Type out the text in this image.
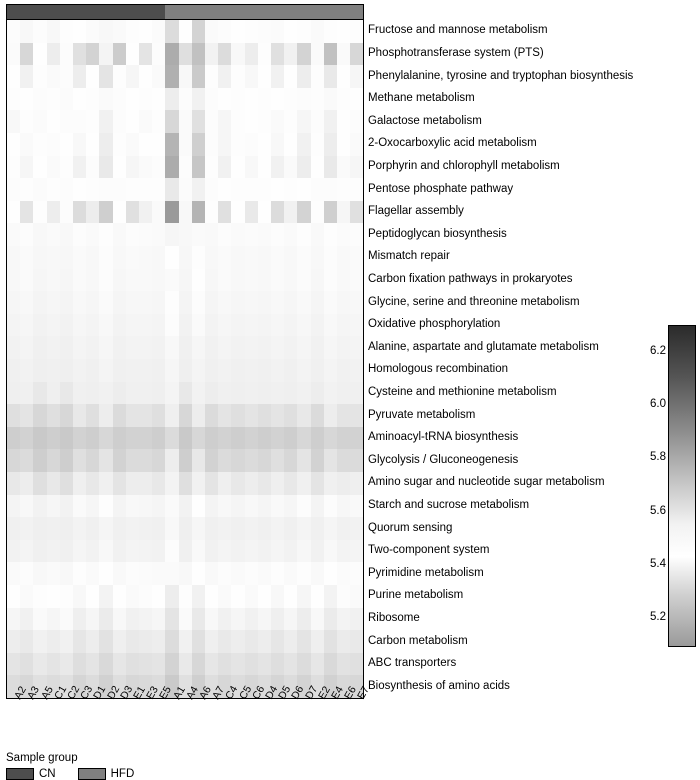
Fructose and mannose metabolism
Phosphotransferase system (PTS)
Phenylalanine, tyrosine and tryptophan biosynthesis
Methane metabolism
Galactose metabolism
2-Oxocarboxylic acid metabolism
Porphyrin and chlorophyll metabolism
Pentose phosphate pathway
Flagellar assembly
Peptidoglycan biosynthesis
Mismatch repair
Carbon fixation pathways in prokaryotes
Glycine, serine and threonine metabolism
Oxidative phosphorylation
Alanine, aspartate and glutamate metabolism
Homologous recombination
Cysteine and methionine metabolism
Pyruvate metabolism
Aminoacyl-tRNA biosynthesis
Glycolysis / Gluconeogenesis
Amino sugar and nucleotide sugar metabolism
Starch and sucrose metabolism
Quorum sensing
Two-component system
Pyrimidine metabolism
Purine metabolism
Ribosome
Carbon metabolism
ABC transporters
Biosynthesis of amino acids
A2
A3
A5
C1
C2
C3
D1
D2
D3
E1
E3
E5
A1
A4
A6
A7
C4
C5
C6
D4
D5
D6
D7
E2
E4
E6
E7
6.2
6.0
5.8
5.6
5.4
5.2
Sample group
CN	HFD
